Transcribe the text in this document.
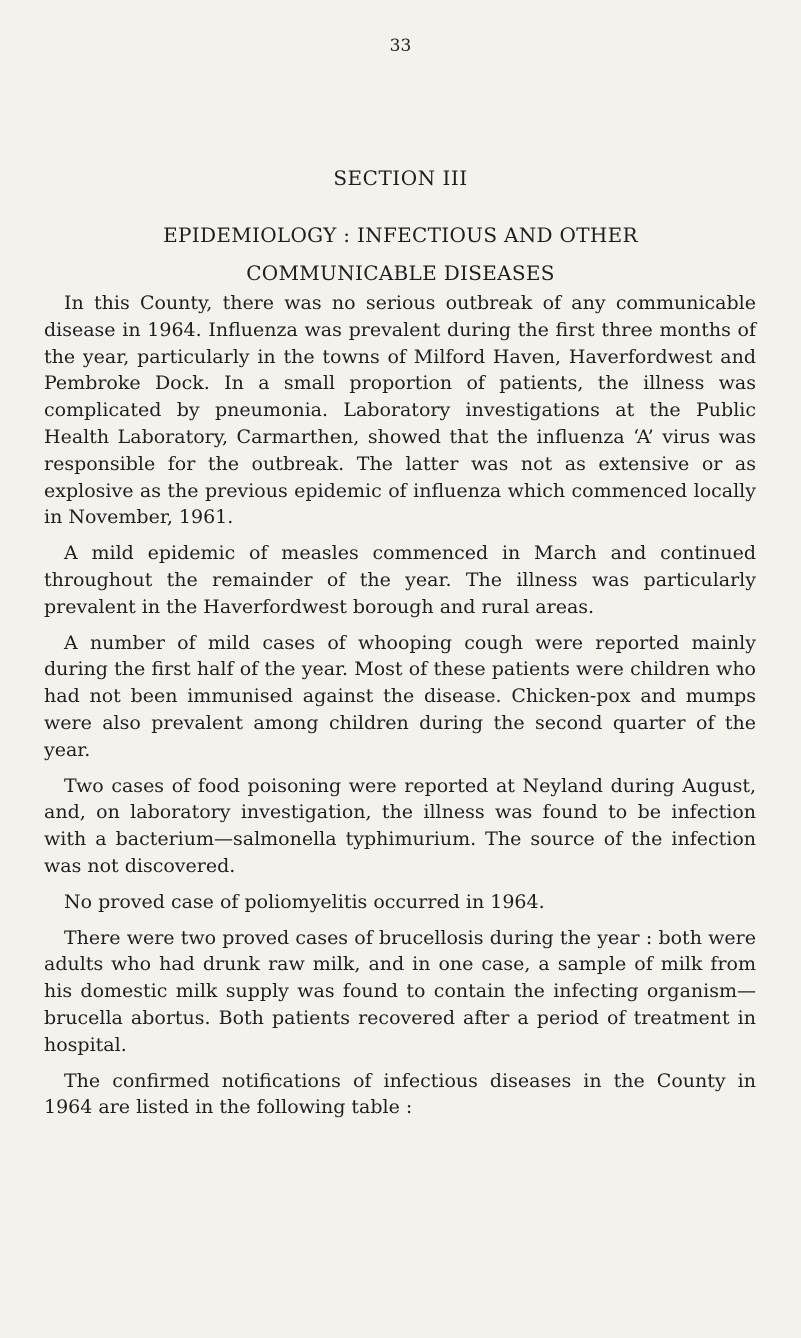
33
SECTION III
EPIDEMIOLOGY : INFECTIOUS AND OTHER
COMMUNICABLE DISEASES

In this County, there was no serious outbreak of any communicable disease in 1964. Influenza was prevalent during the first three months of the year, particularly in the towns of Milford Haven, Haverfordwest and Pembroke Dock. In a small proportion of patients, the illness was complicated by pneumonia. Laboratory investigations at the Public Health Laboratory, Carmarthen, showed that the influenza ‘A’ virus was responsible for the outbreak. The latter was not as extensive or as explosive as the previous epidemic of influenza which commenced locally in November, 1961.

A mild epidemic of measles commenced in March and continued throughout the remainder of the year. The illness was particularly prevalent in the Haverfordwest borough and rural areas.

A number of mild cases of whooping cough were reported mainly during the first half of the year. Most of these patients were children who had not been immunised against the disease. Chicken-pox and mumps were also prevalent among children during the second quarter of the year.

Two cases of food poisoning were reported at Neyland during August, and, on laboratory investigation, the illness was found to be infection with a bacterium—salmonella typhimurium. The source of the infection was not discovered.

No proved case of poliomyelitis occurred in 1964.

There were two proved cases of brucellosis during the year : both were adults who had drunk raw milk, and in one case, a sample of milk from his domestic milk supply was found to contain the infecting organism—brucella abortus. Both patients recovered after a period of treatment in hospital.

The confirmed notifications of infectious diseases in the County in 1964 are listed in the following table :
